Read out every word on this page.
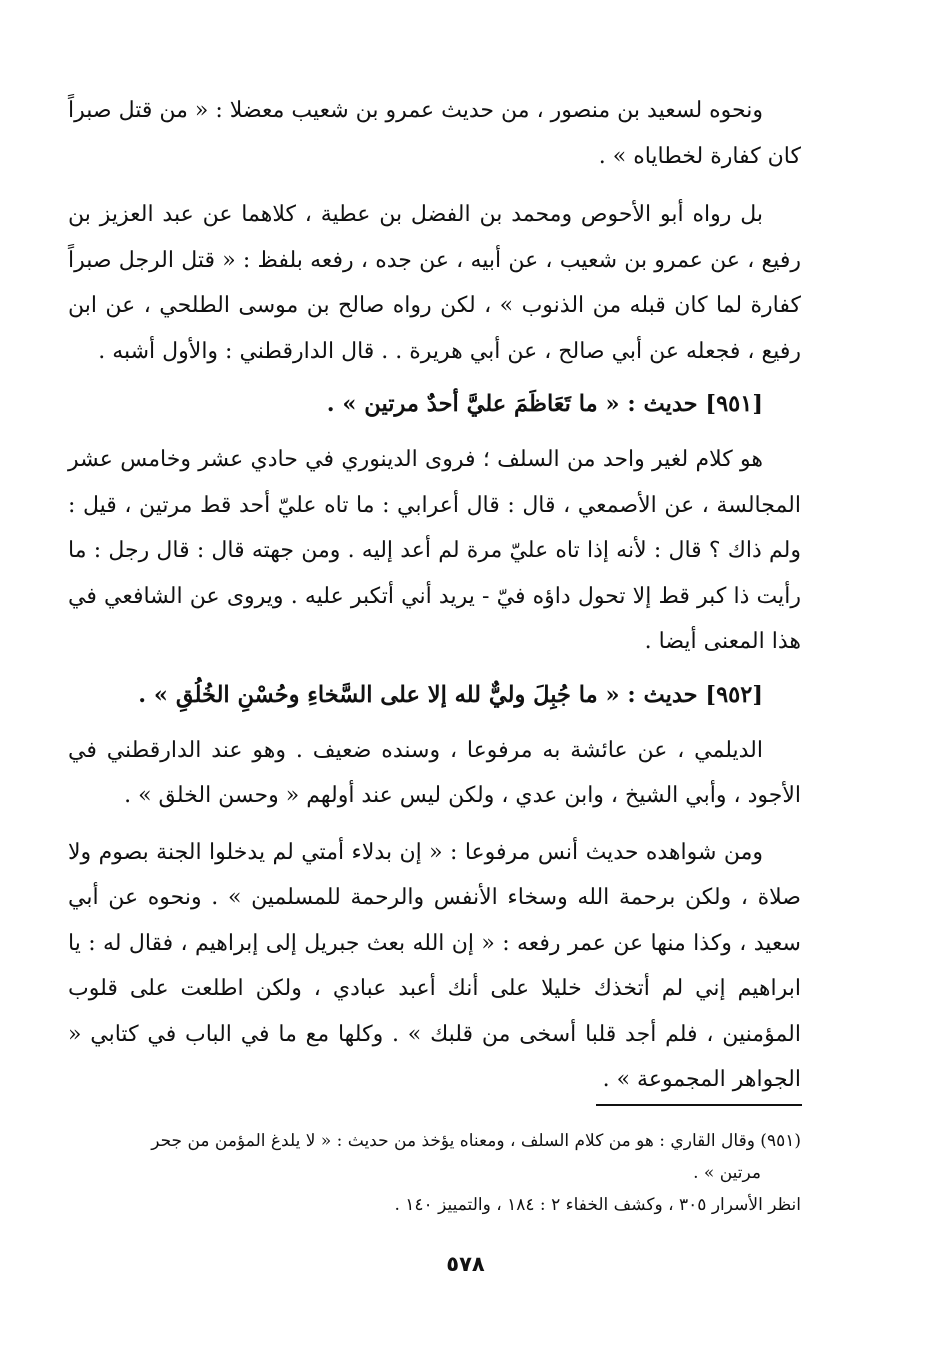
ونحوه لسعيد بن منصور ، من حديث عمرو بن شعيب معضلا : « من قتل صبراً كان كفارة لخطاياه » .

بل رواه أبو الأحوص ومحمد بن الفضل بن عطية ، كلاهما عن عبد العزيز بن رفيع ، عن عمرو بن شعيب ، عن أبيه ، عن جده ، رفعه بلفظ : « قتل الرجل صبراً كفارة لما كان قبله من الذنوب » ، لكن رواه صالح بن موسى الطلحي ، عن ابن رفيع ، فجعله عن أبي صالح ، عن أبي هريرة . . قال الدارقطني : والأول أشبه .

[٩٥١] حديث : « ما تَعَاظَمَ عليَّ أحدٌ مرتين » .

هو كلام لغير واحد من السلف ؛ فروى الدينوري في حادي عشر وخامس عشر المجالسة ، عن الأصمعي ، قال : قال أعرابي : ما تاه عليّ أحد قط مرتين ، قيل : ولم ذاك ؟ قال : لأنه إذا تاه عليّ مرة لم أعد إليه . ومن جهته قال : قال رجل : ما رأيت ذا كبر قط إلا تحول داؤه فيّ - يريد أني أتكبر عليه . ويروى عن الشافعي في هذا المعنى أيضا .

[٩٥٢] حديث : « ما جُبِلَ وليٌّ لله إلا على السَّخاءِ وحُسْنِ الخُلُقِ » .

الديلمي ، عن عائشة به مرفوعا ، وسنده ضعيف . وهو عند الدارقطني في الأجود ، وأبي الشيخ ، وابن عدي ، ولكن ليس عند أولهم « وحسن الخلق » .

ومن شواهده حديث أنس مرفوعا : « إن بدلاء أمتي لم يدخلوا الجنة بصوم ولا صلاة ، ولكن برحمة الله وسخاء الأنفس والرحمة للمسلمين » . ونحوه عن أبي سعيد ، وكذا منها عن عمر رفعه : « إن الله بعث جبريل إلى إبراهيم ، فقال له : يا ابراهيم إني لم أتخذك خليلا على أنك أعبد عبادي ، ولكن اطلعت على قلوب المؤمنين ، فلم أجد قلبا أسخى من قلبك » . وكلها مع ما في الباب في كتابي « الجواهر المجموعة » .

(٩٥١) وقال القاري : هو من كلام السلف ، ومعناه يؤخذ من حديث : « لا يلدغ المؤمن من جحر

مرتين » .

انظر الأسرار ٣٠٥ ، وكشف الخفاء ٢ : ١٨٤ ، والتمييز ١٤٠ .

٥٧٨
